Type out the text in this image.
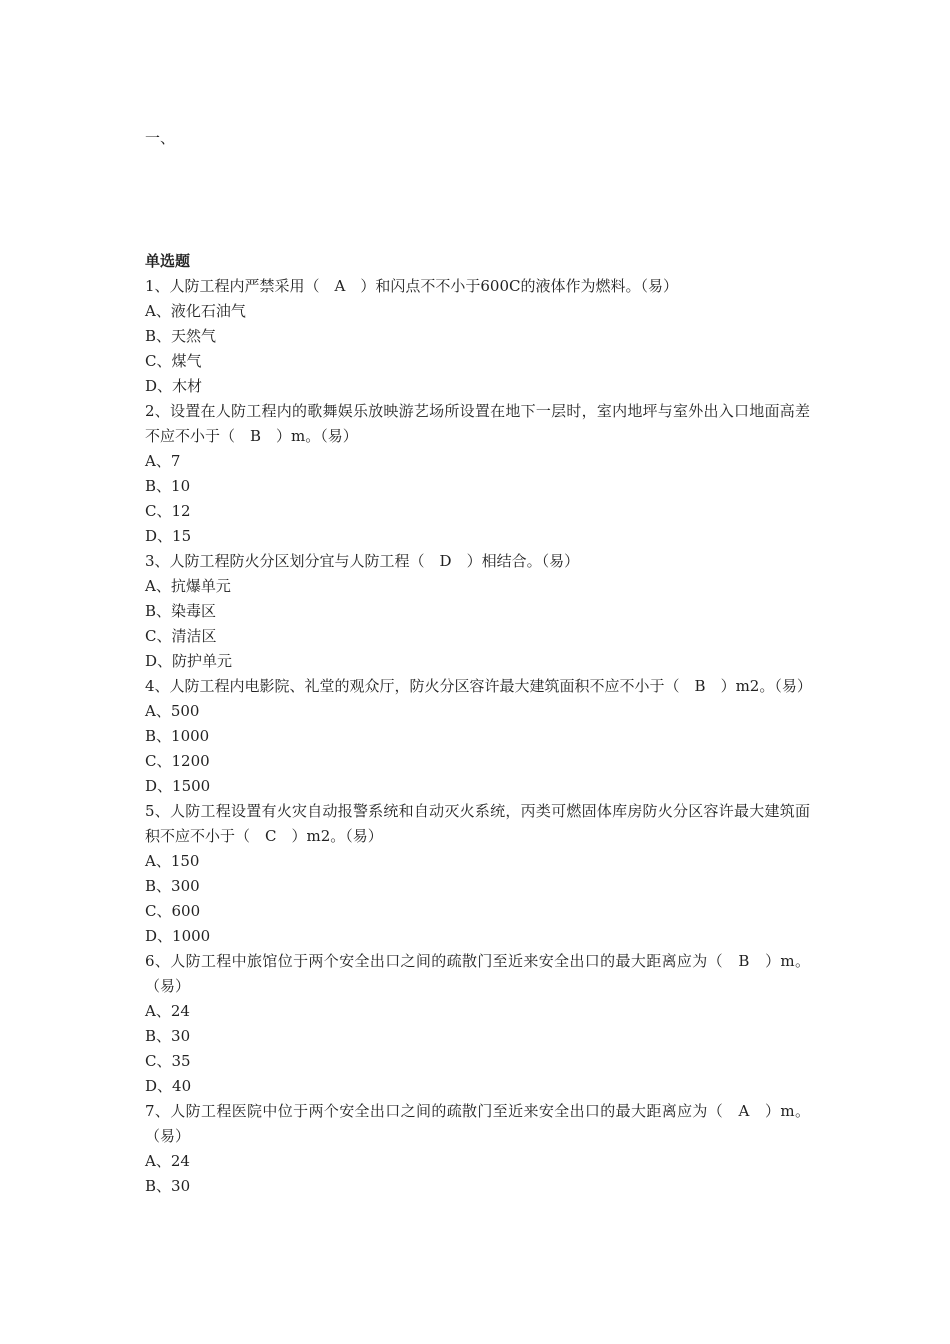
一、
单选题

1、人防工程内严禁采用（　A　）和闪点不不小于600C的液体作为燃料。（易）

A、液化石油气

B、天然气

C、煤气

D、木材

2、设置在人防工程内的歌舞娱乐放映游艺场所设置在地下一层时，室内地坪与室外出入口地面高差不应不小于（　B　）m。（易）

A、7

B、10

C、12

D、15

3、人防工程防火分区划分宜与人防工程（　D　）相结合。（易）

A、抗爆单元

B、染毒区

C、清洁区

D、防护单元

4、人防工程内电影院、礼堂的观众厅，防火分区容许最大建筑面积不应不小于（　B　）m2。（易）

A、500

B、1000

C、1200

D、1500

5、人防工程设置有火灾自动报警系统和自动灭火系统，丙类可燃固体库房防火分区容许最大建筑面积不应不小于（　C　）m2。（易）

A、150

B、300

C、600

D、1000

6、人防工程中旅馆位于两个安全出口之间的疏散门至近来安全出口的最大距离应为（　B　）m。（易）

A、24

B、30

C、35

D、40

7、人防工程医院中位于两个安全出口之间的疏散门至近来安全出口的最大距离应为（　A　）m。（易）

A、24

B、30
